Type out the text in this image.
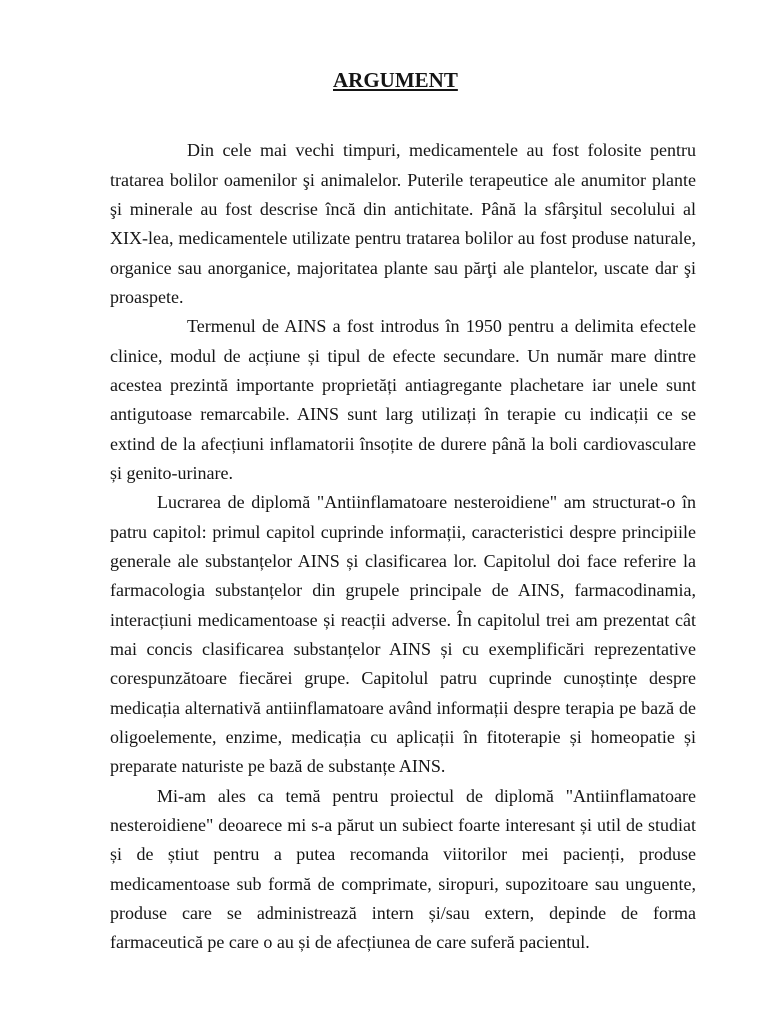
ARGUMENT
Din cele mai vechi timpuri, medicamentele au fost folosite pentru
tratarea bolilor oamenilor şi animalelor. Puterile terapeutice ale anumitor plante
şi minerale au fost descrise încă din antichitate. Până la sfârşitul secolului al
XIX-lea, medicamentele utilizate pentru tratarea bolilor au fost produse naturale,
organice sau anorganice, majoritatea plante sau părţi ale plantelor, uscate dar şi
proaspete.
Termenul de AINS a fost introdus în 1950 pentru a delimita efectele
clinice, modul de acțiune și tipul de efecte secundare. Un număr mare dintre
acestea prezintă importante proprietăți antiagregante plachetare iar unele sunt
antigutoase remarcabile. AINS sunt larg utilizați în terapie cu indicații ce se
extind de la afecțiuni inflamatorii însoțite de durere până la boli cardiovasculare
și genito-urinare.
Lucrarea de diplomă "Antiinflamatoare nesteroidiene" am structurat-o în
patru capitol: primul capitol cuprinde informații, caracteristici despre principiile
generale ale substanțelor AINS și clasificarea lor. Capitolul doi face referire la
farmacologia substanțelor din grupele principale de AINS, farmacodinamia,
interacțiuni medicamentoase și reacții adverse. În capitolul trei am prezentat cât
mai concis clasificarea substanțelor AINS și cu exemplificări reprezentative
corespunzătoare fiecărei grupe. Capitolul patru cuprinde cunoștințe despre
medicația alternativă antiinflamatoare având informații despre terapia pe bază de
oligoelemente, enzime, medicația cu aplicații în fitoterapie și homeopatie și
preparate naturiste pe bază de substanțe AINS.
Mi-am ales ca temă pentru proiectul de diplomă "Antiinflamatoare
nesteroidiene" deoarece mi s-a părut un subiect foarte interesant și util de studiat
și de știut pentru a putea recomanda viitorilor mei pacienți, produse
medicamentoase sub formă de comprimate, siropuri, supozitoare sau unguente,
produse care se administrează intern și/sau extern, depinde de forma
farmaceutică pe care o au și de afecțiunea de care suferă pacientul.
